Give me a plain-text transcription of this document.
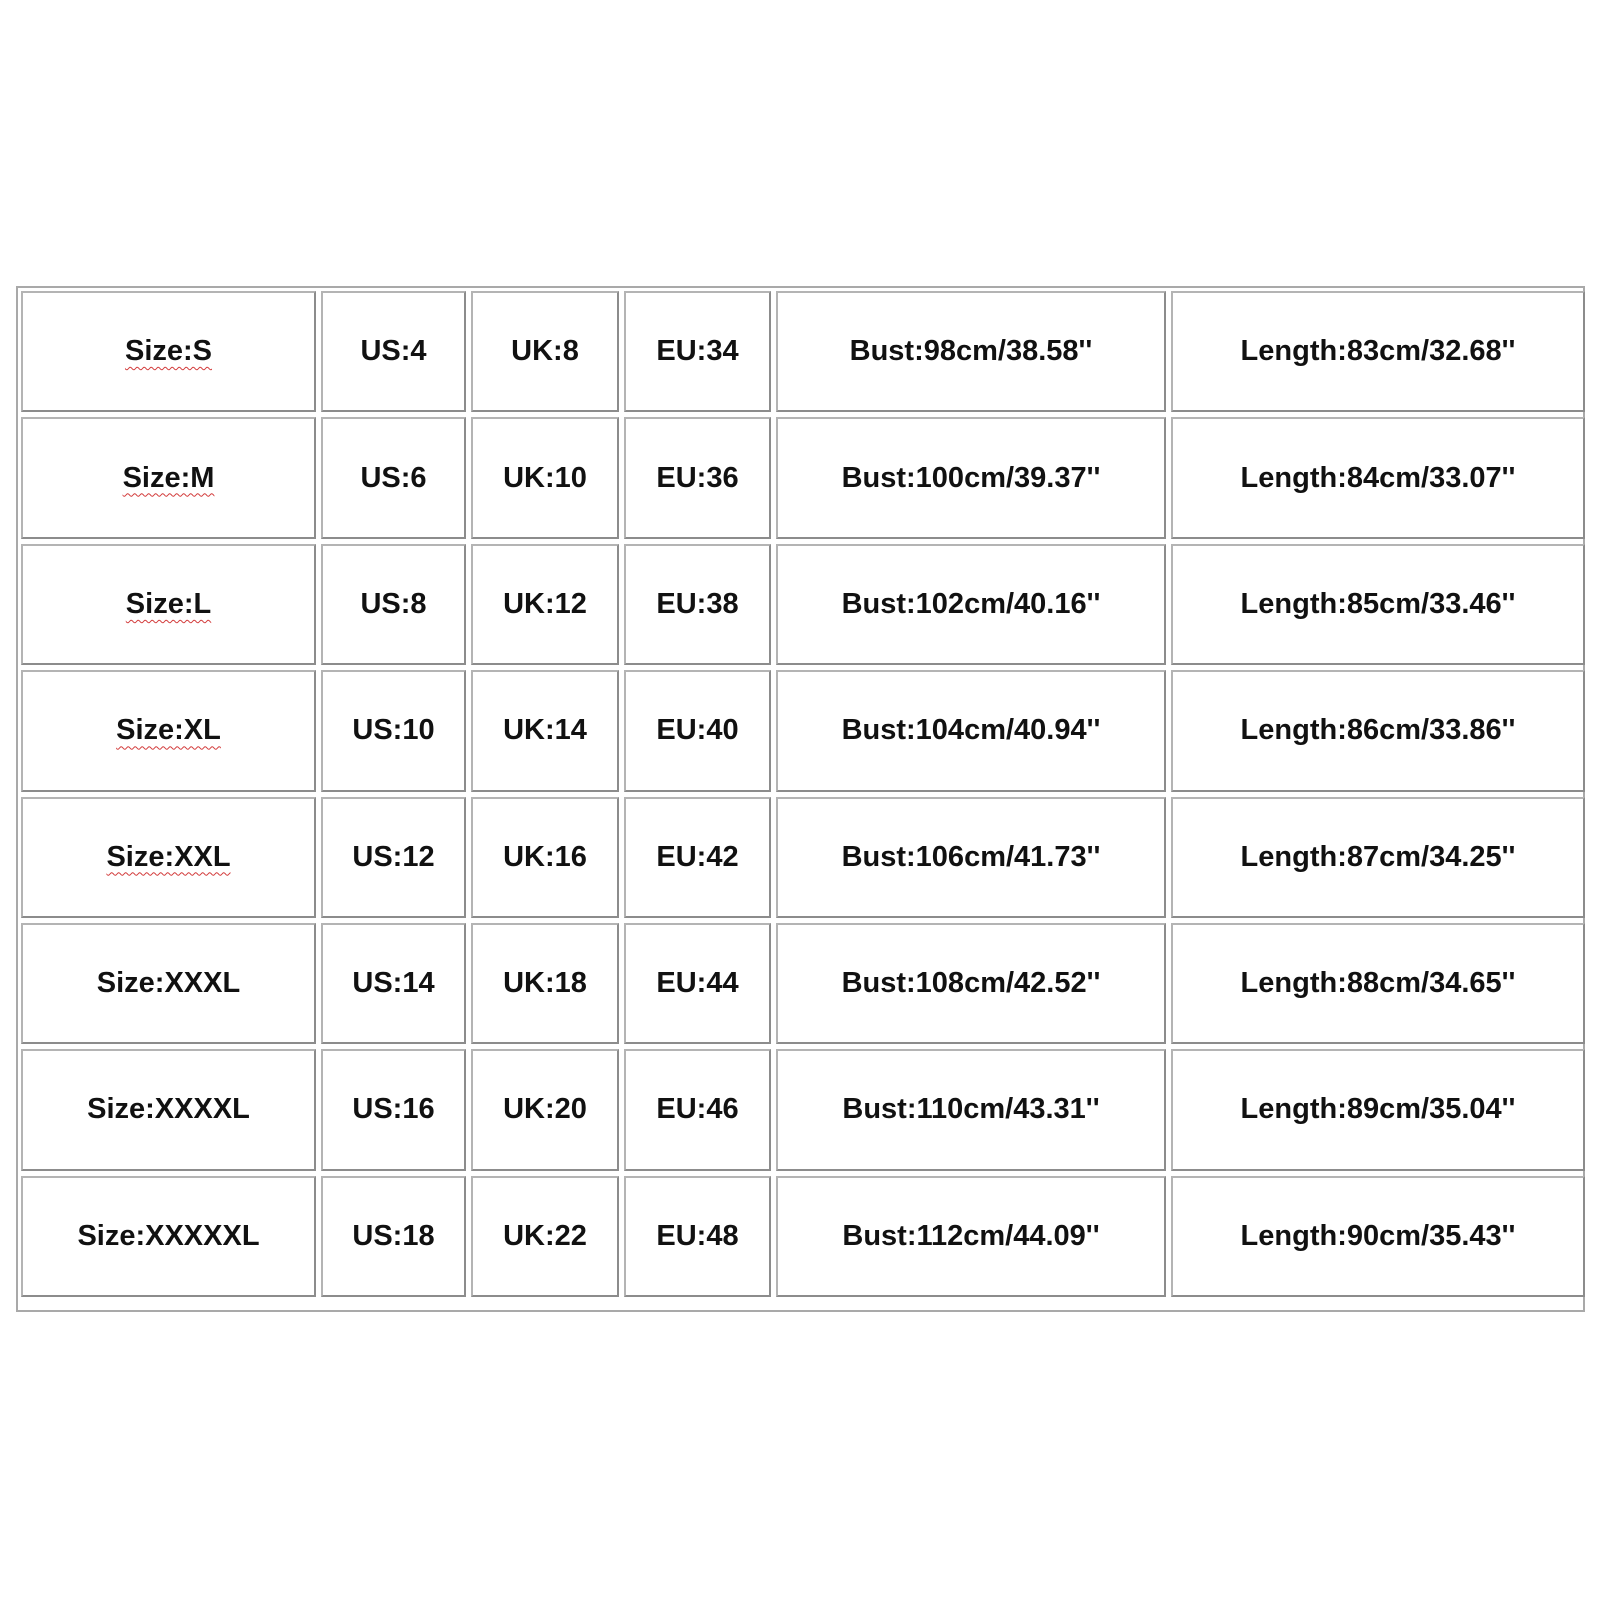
Size:S	US:4	UK:8	EU:34	Bust:98cm/38.58''	Length:83cm/32.68''
Size:M	US:6	UK:10	EU:36	Bust:100cm/39.37''	Length:84cm/33.07''
Size:L	US:8	UK:12	EU:38	Bust:102cm/40.16''	Length:85cm/33.46''
Size:XL	US:10	UK:14	EU:40	Bust:104cm/40.94''	Length:86cm/33.86''
Size:XXL	US:12	UK:16	EU:42	Bust:106cm/41.73''	Length:87cm/34.25''
Size:XXXL	US:14	UK:18	EU:44	Bust:108cm/42.52''	Length:88cm/34.65''
Size:XXXXL	US:16	UK:20	EU:46	Bust:110cm/43.31''	Length:89cm/35.04''
Size:XXXXXL	US:18	UK:22	EU:48	Bust:112cm/44.09''	Length:90cm/35.43''
